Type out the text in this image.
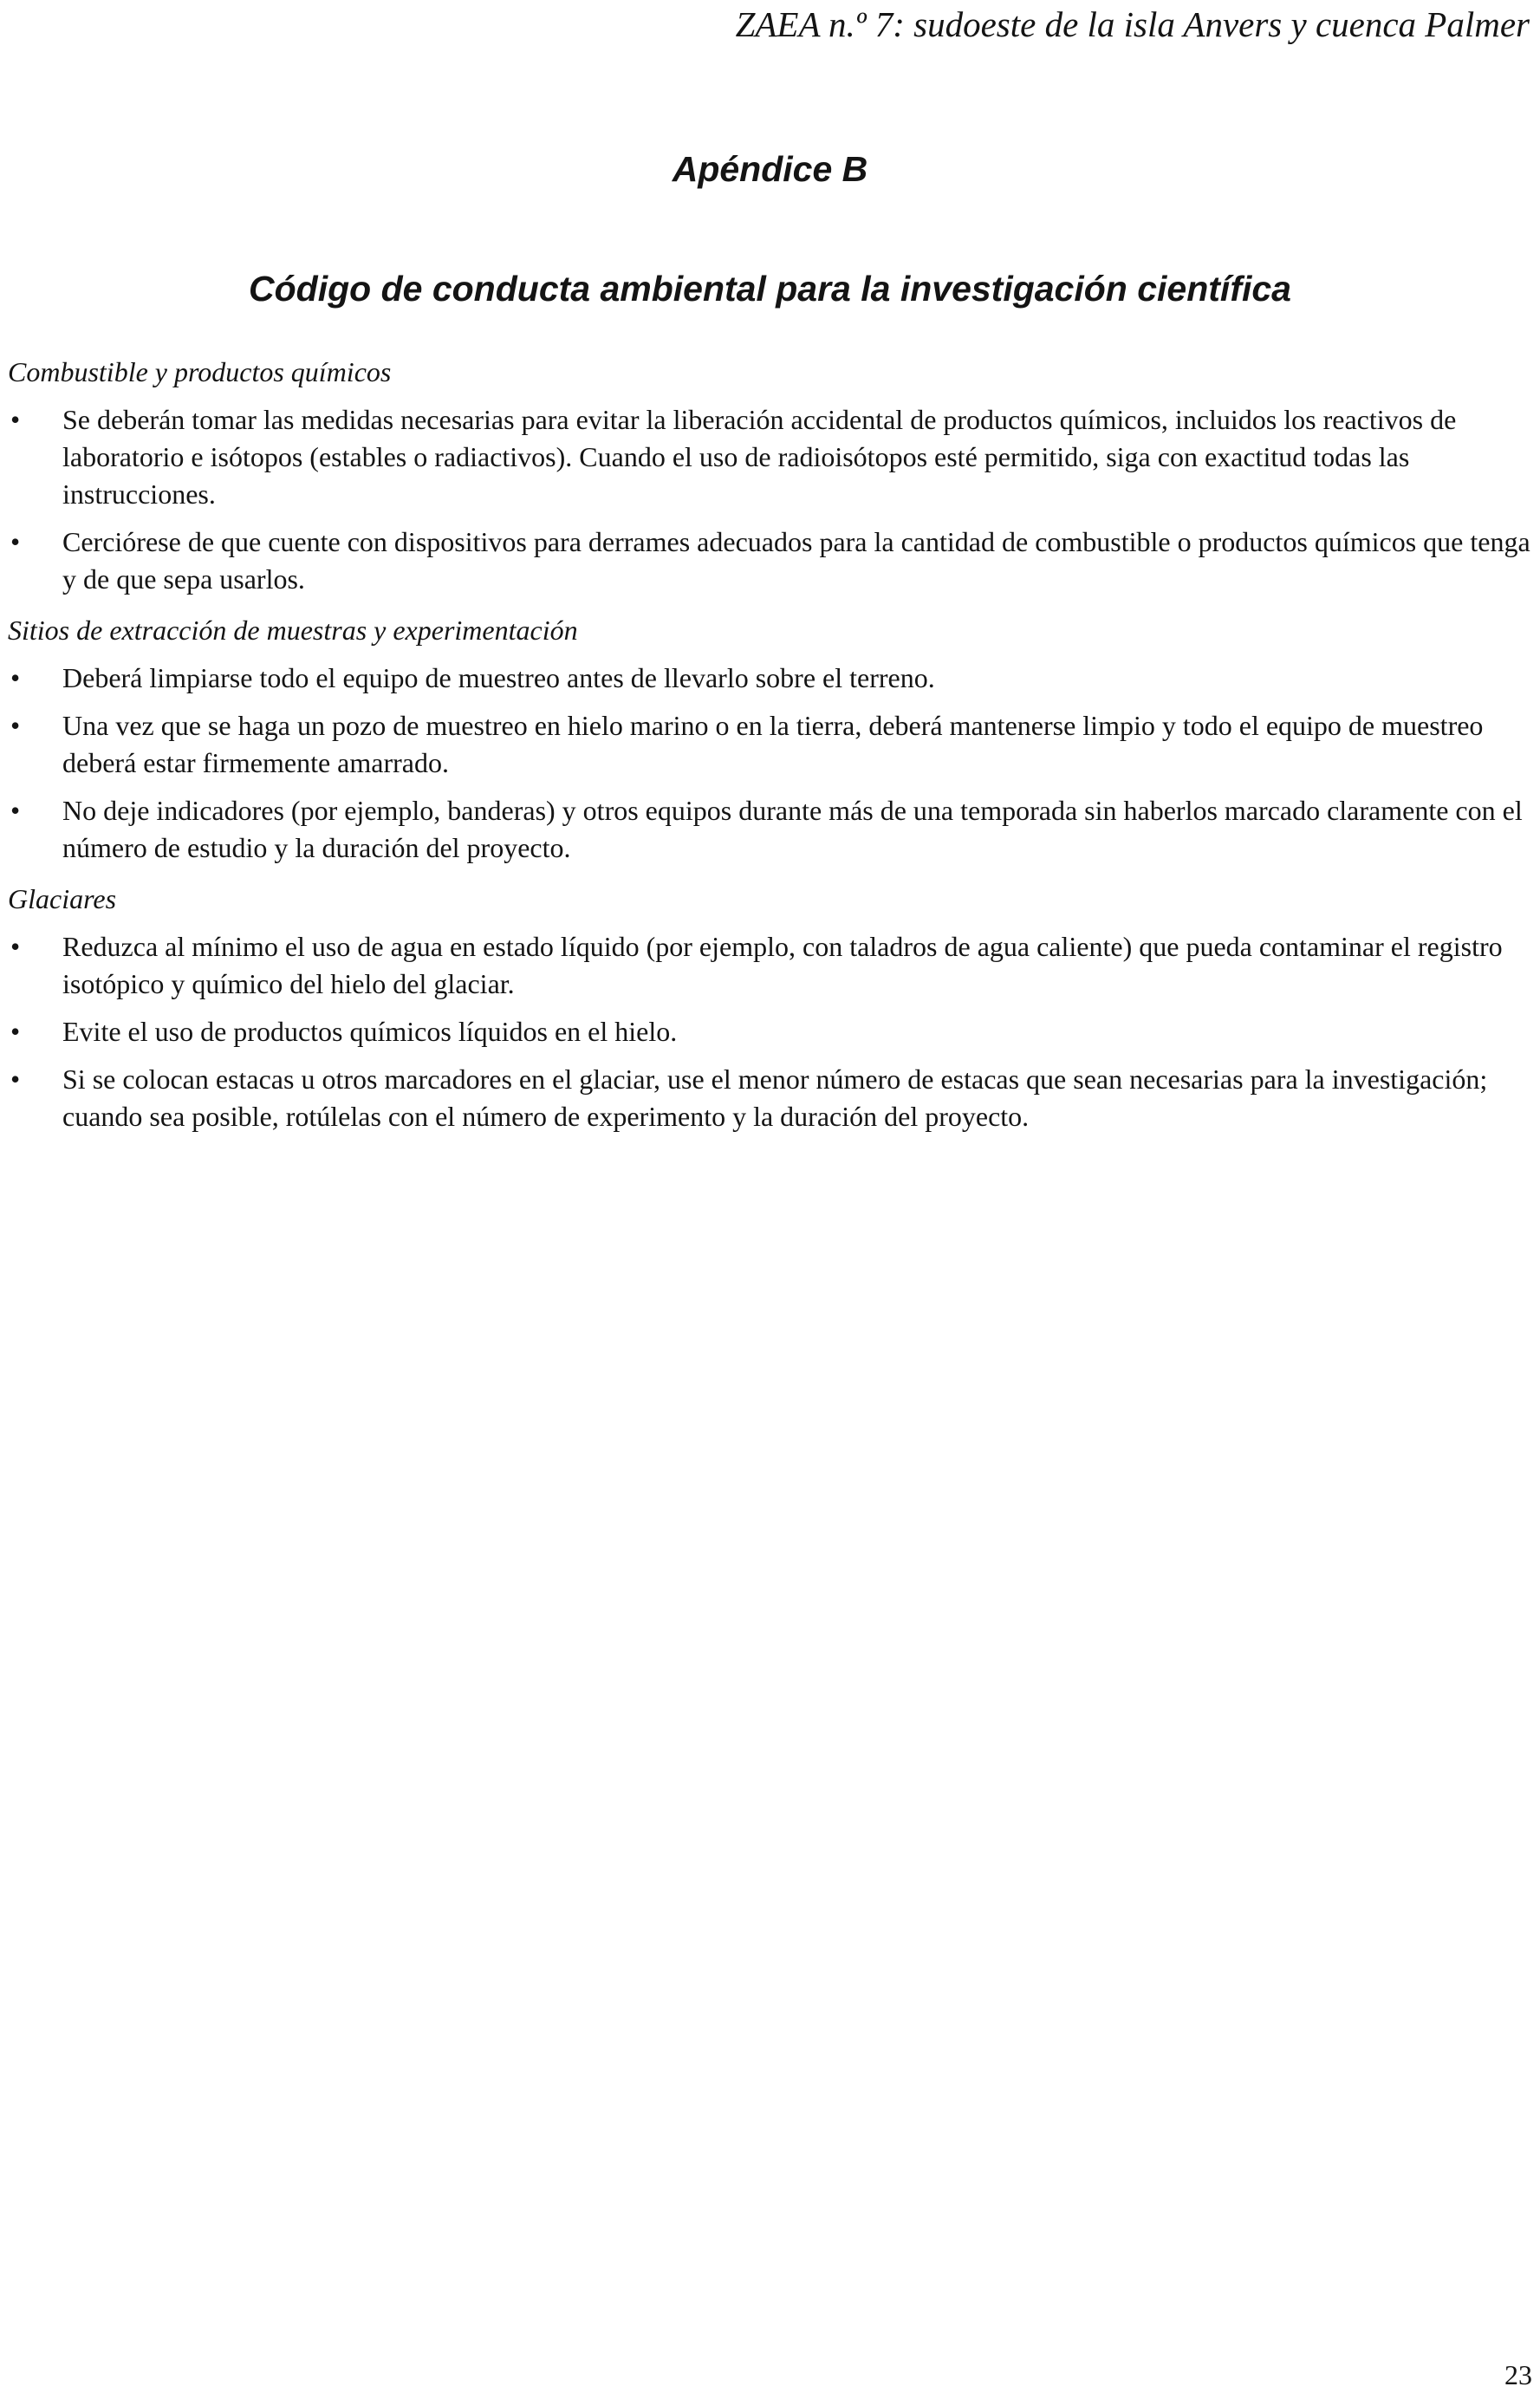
ZAEA n.º 7: sudoeste de la isla Anvers y cuenca Palmer
Apéndice B
Código de conducta ambiental para la investigación científica

Combustible y productos químicos

• Se deberán tomar las medidas necesarias para evitar la liberación accidental de productos químicos, incluidos los reactivos de laboratorio e isótopos (estables o radiactivos). Cuando el uso de radioisótopos esté permitido, siga con exactitud todas las instrucciones.
• Cerciórese de que cuente con dispositivos para derrames adecuados para la cantidad de combustible o productos químicos que tenga y de que sepa usarlos.

Sitios de extracción de muestras y experimentación

• Deberá limpiarse todo el equipo de muestreo antes de llevarlo sobre el terreno.
• Una vez que se haga un pozo de muestreo en hielo marino o en la tierra, deberá mantenerse limpio y todo el equipo de muestreo deberá estar firmemente amarrado.
• No deje indicadores (por ejemplo, banderas) y otros equipos durante más de una temporada sin haberlos marcado claramente con el número de estudio y la duración del proyecto.

Glaciares

• Reduzca al mínimo el uso de agua en estado líquido (por ejemplo, con taladros de agua caliente) que pueda contaminar el registro isotópico y químico del hielo del glaciar.
• Evite el uso de productos químicos líquidos en el hielo.
• Si se colocan estacas u otros marcadores en el glaciar, use el menor número de estacas que sean necesarias para la investigación; cuando sea posible, rotúlelas con el número de experimento y la duración del proyecto.
23
